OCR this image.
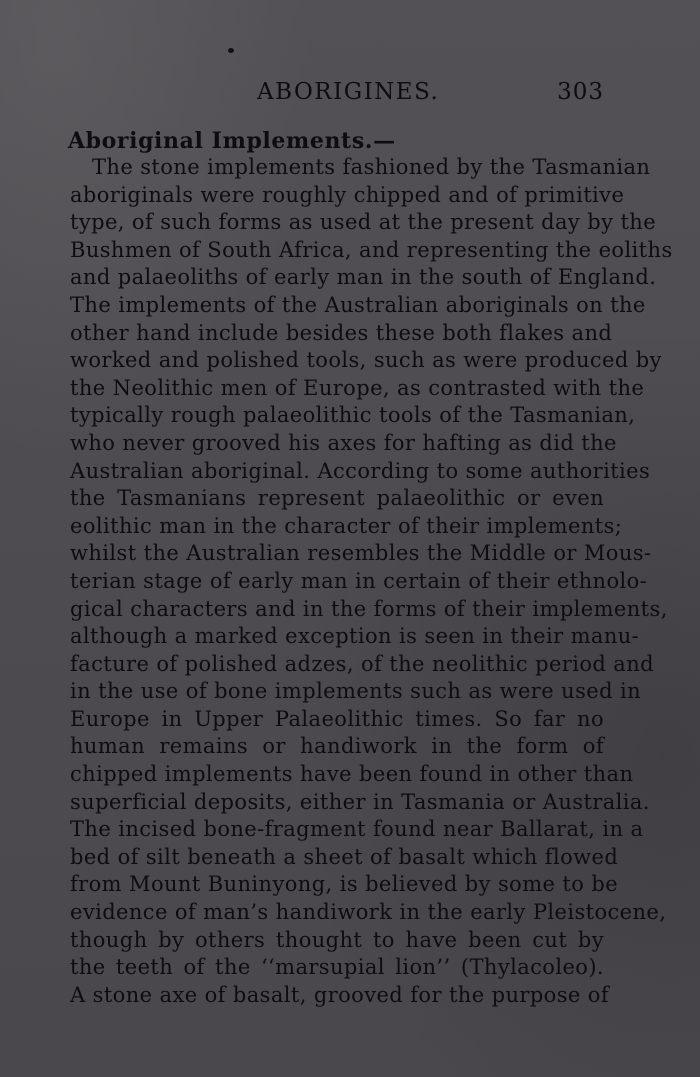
ABORIGINES.	303
Aboriginal Implements.—
The stone implements fashioned by the Tasmanian
aboriginals were roughly chipped and of primitive
type, of such forms as used at the present day by the
Bushmen of South Africa, and representing the eoliths
and palaeoliths of early man in the south of England.
The implements of the Australian aboriginals on the
other hand include besides these both flakes and
worked and polished tools, such as were produced by
the Neolithic men of Europe, as contrasted with the
typically rough palaeolithic tools of the Tasmanian,
who never grooved his axes for hafting as did the
Australian aboriginal. According to some authorities
the Tasmanians represent palaeolithic or even
eolithic man in the character of their implements;
whilst the Australian resembles the Middle or Mous-
terian stage of early man in certain of their ethnolo-
gical characters and in the forms of their implements,
although a marked exception is seen in their manu-
facture of polished adzes, of the neolithic period and
in the use of bone implements such as were used in
Europe in Upper Palaeolithic times. So far no
human remains or handiwork in the form of
chipped implements have been found in other than
superficial deposits, either in Tasmania or Australia.
The incised bone-fragment found near Ballarat, in a
bed of silt beneath a sheet of basalt which flowed
from Mount Buninyong, is believed by some to be
evidence of man’s handiwork in the early Pleistocene,
though by others thought to have been cut by
the teeth of the ‘‘marsupial lion’’ (Thylacoleo).
A stone axe of basalt, grooved for the purpose of
